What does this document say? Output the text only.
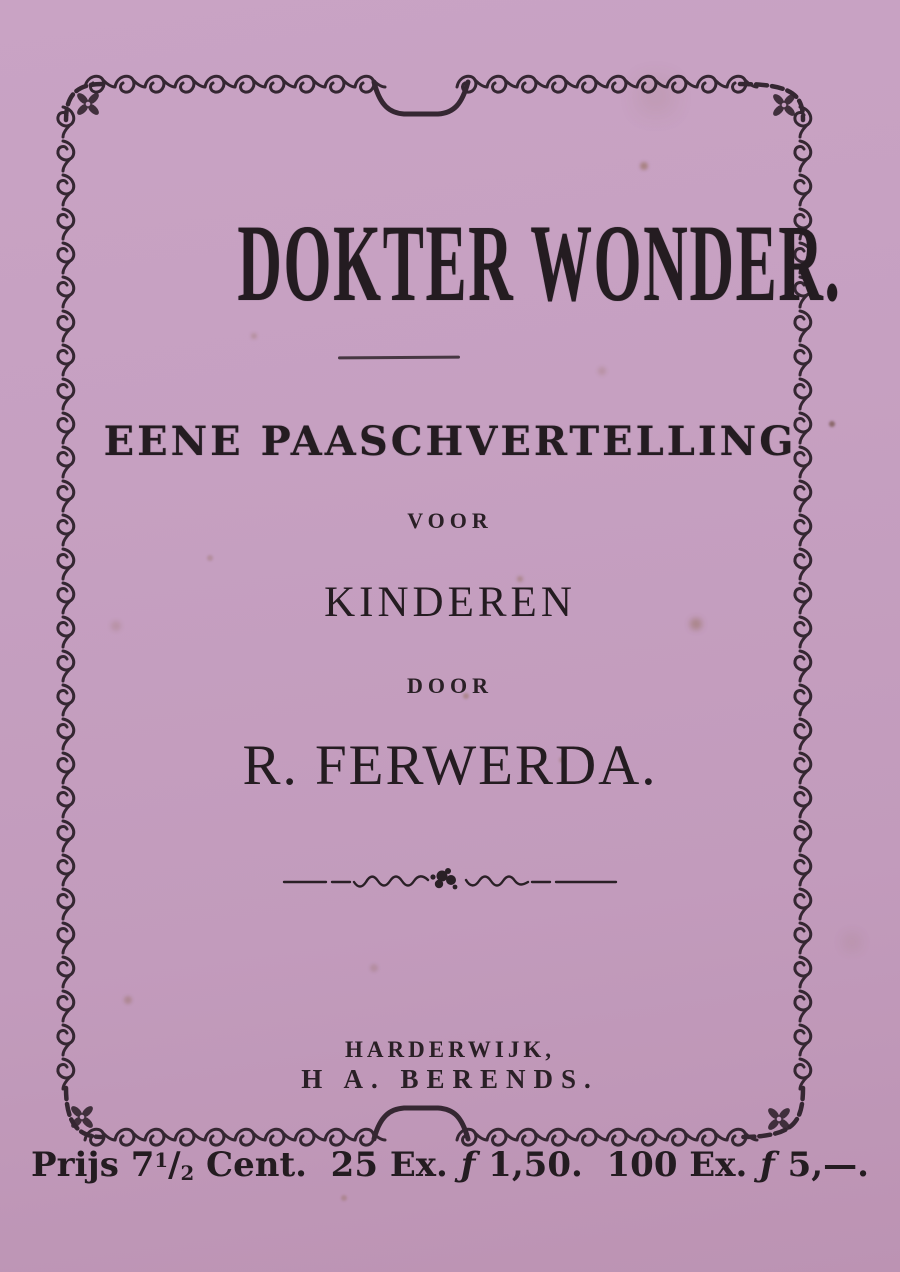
DOKTER WONDER.
EENE PAASCHVERTELLING
VOOR
KINDEREN
DOOR
R. FERWERDA.
HARDERWIJK,
H A. BERENDS.
Prijs $7^1/_2$ Cent.  25 Ex. ƒ 1,50.  100 Ex. ƒ 5,—.
